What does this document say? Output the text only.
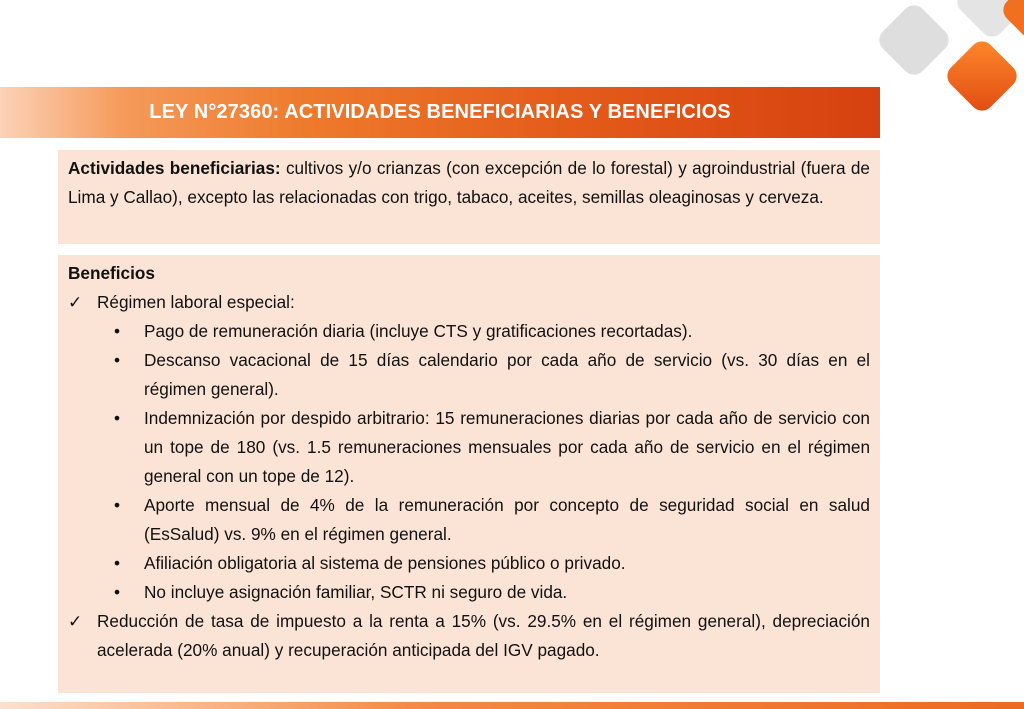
LEY N°27360: ACTIVIDADES BENEFICIARIAS Y BENEFICIOS
Actividades beneficiarias: cultivos y/o crianzas (con excepción de lo forestal) y agroindustrial (fuera de Lima y Callao), excepto las relacionadas con trigo, tabaco, aceites, semillas oleaginosas y cerveza.
Beneficios
✓ Régimen laboral especial:
• Pago de remuneración diaria (incluye CTS y gratificaciones recortadas).
• Descanso vacacional de 15 días calendario por cada año de servicio (vs. 30 días en el régimen general).
• Indemnización por despido arbitrario: 15 remuneraciones diarias por cada año de servicio con un tope de 180 (vs. 1.5 remuneraciones mensuales por cada año de servicio en el régimen general con un tope de 12).
• Aporte mensual de 4% de la remuneración por concepto de seguridad social en salud (EsSalud) vs. 9% en el régimen general.
• Afiliación obligatoria al sistema de pensiones público o privado.
• No incluye asignación familiar, SCTR ni seguro de vida.
✓ Reducción de tasa de impuesto a la renta a 15% (vs. 29.5% en el régimen general), depreciación acelerada (20% anual) y recuperación anticipada del IGV pagado.
